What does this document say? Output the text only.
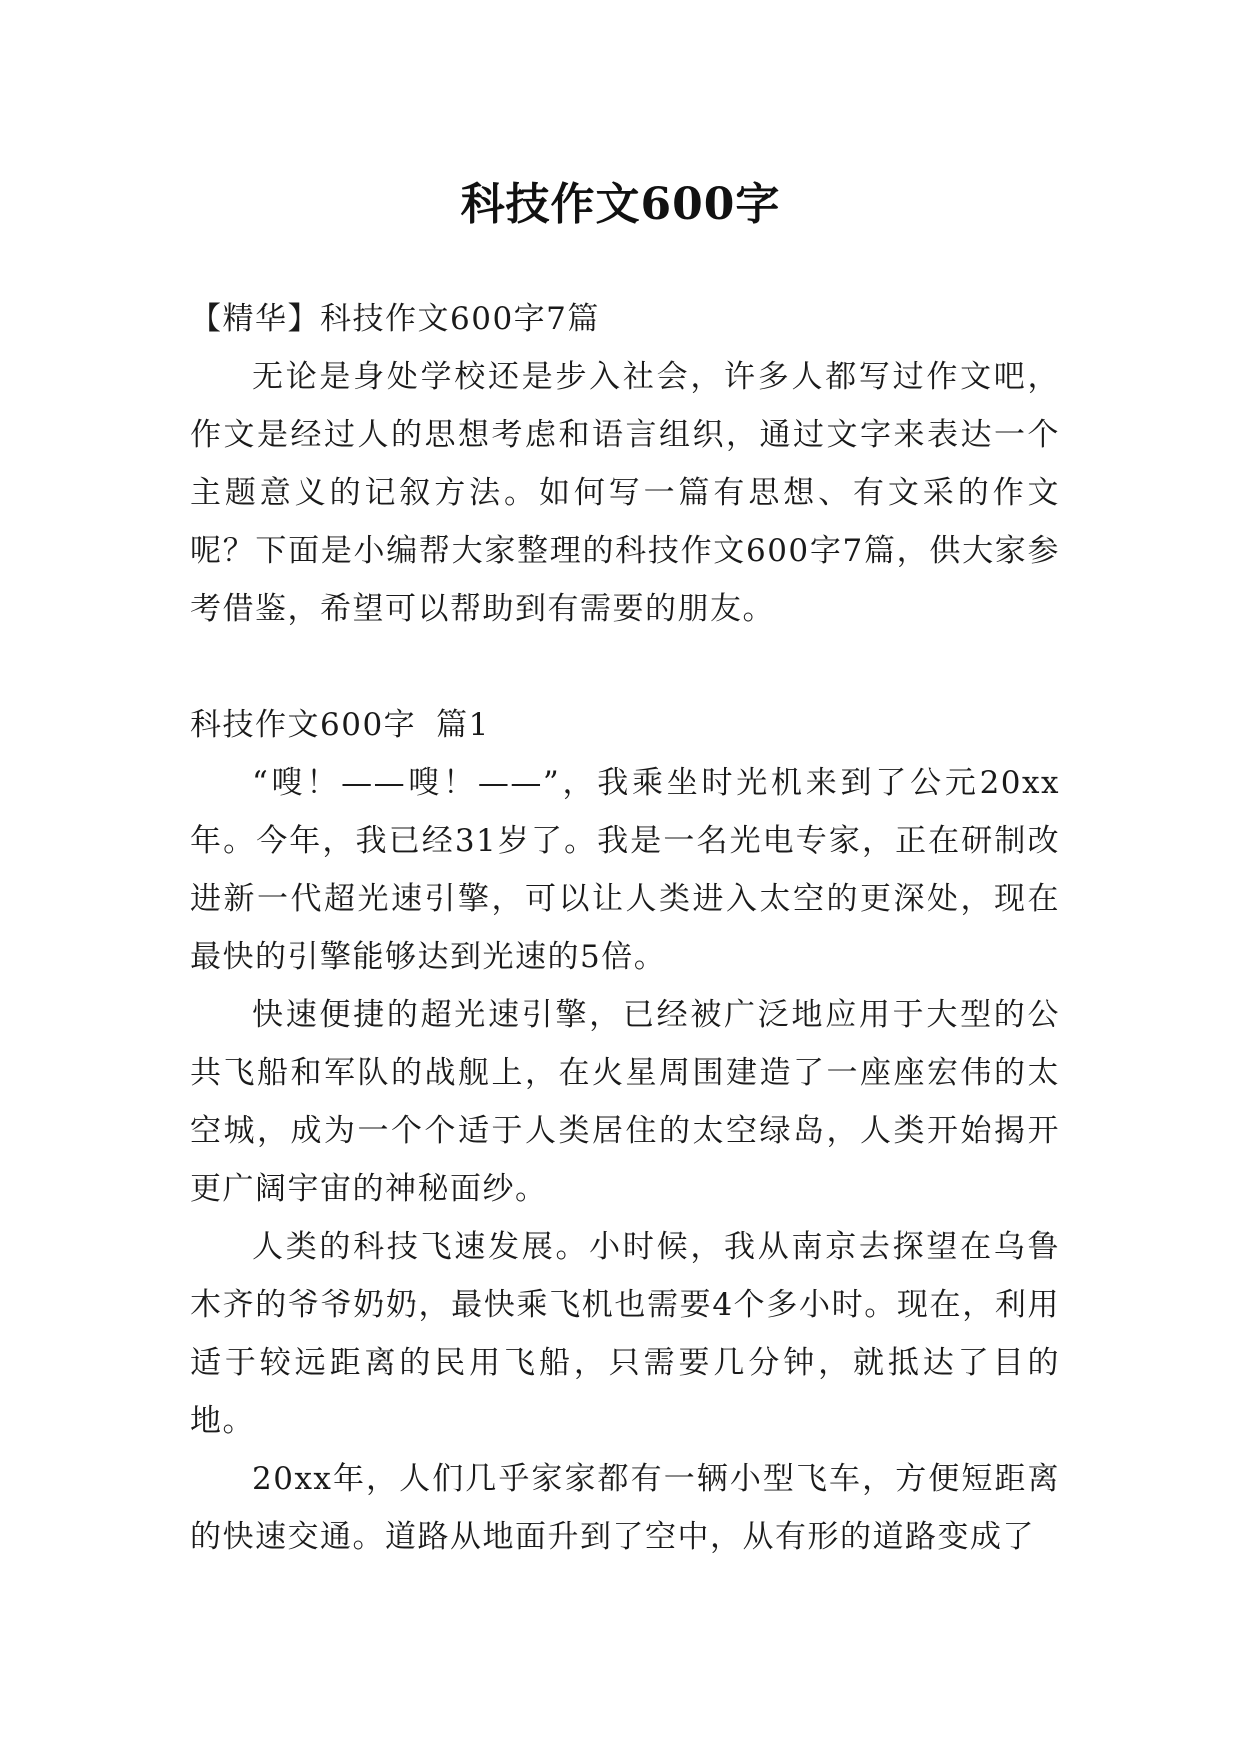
科技作文600字

【精华】科技作文600字7篇

无论是身处学校还是步入社会，许多人都写过作文吧，作文是经过人的思想考虑和语言组织，通过文字来表达一个主题意义的记叙方法。如何写一篇有思想、有文采的作文呢？下面是小编帮大家整理的科技作文600字7篇，供大家参考借鉴，希望可以帮助到有需要的朋友。

科技作文600字 篇1

“嗖！——嗖！——”，我乘坐时光机来到了公元20xx年。今年，我已经31岁了。我是一名光电专家，正在研制改进新一代超光速引擎，可以让人类进入太空的更深处，现在最快的引擎能够达到光速的5倍。

快速便捷的超光速引擎，已经被广泛地应用于大型的公共飞船和军队的战舰上，在火星周围建造了一座座宏伟的太空城，成为一个个适于人类居住的太空绿岛，人类开始揭开更广阔宇宙的神秘面纱。

人类的科技飞速发展。小时候，我从南京去探望在乌鲁木齐的爷爷奶奶，最快乘飞机也需要4个多小时。现在，利用适于较远距离的民用飞船，只需要几分钟，就抵达了目的地。

20xx年，人们几乎家家都有一辆小型飞车，方便短距离的快速交通。道路从地面升到了空中，从有形的道路变成了
